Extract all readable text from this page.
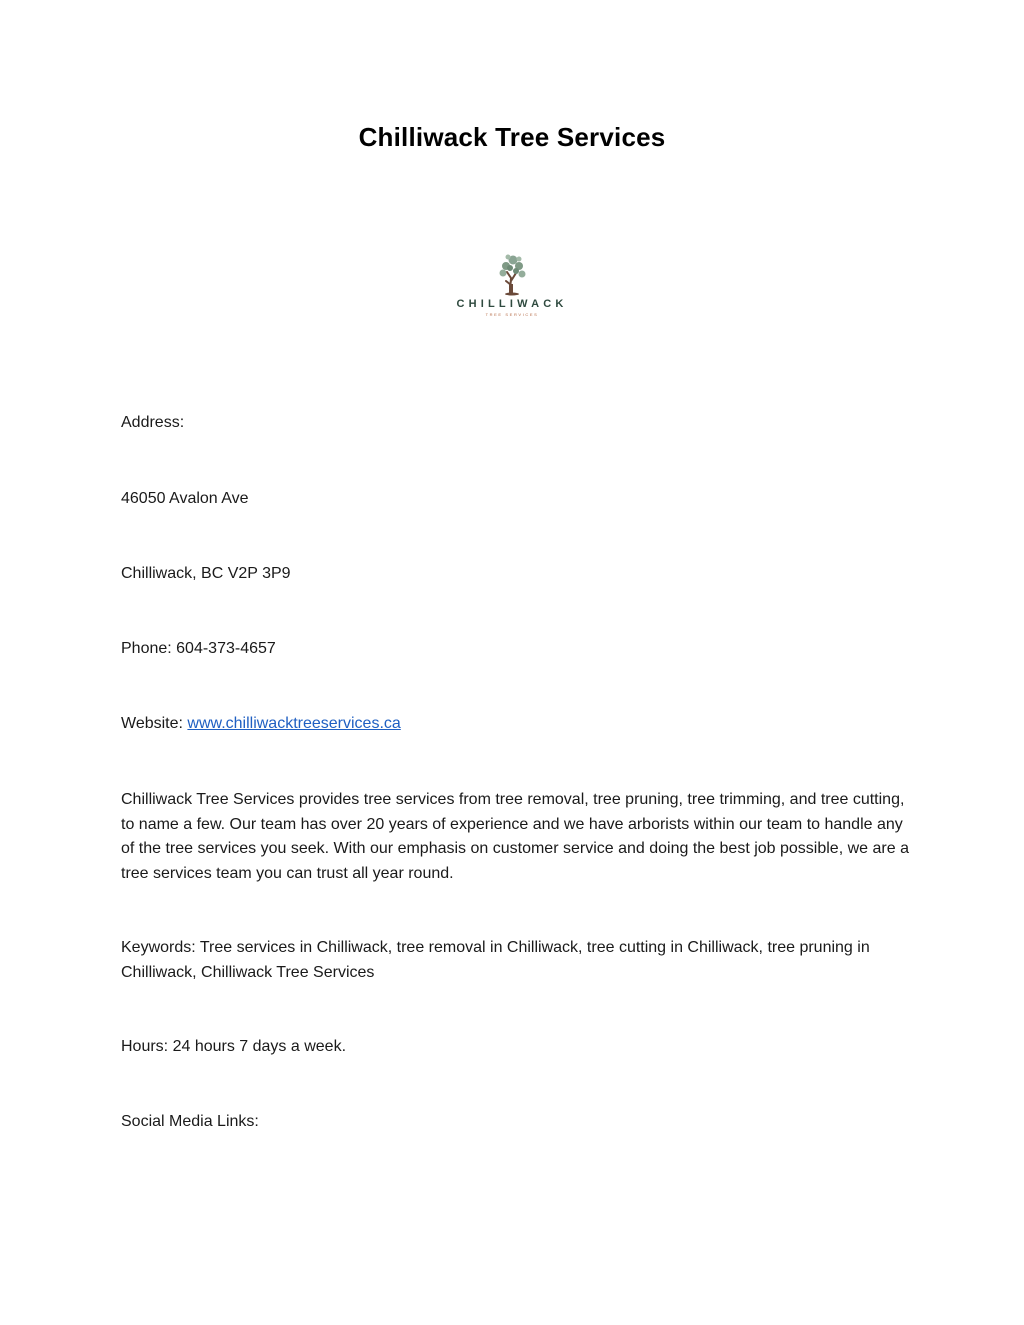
Chilliwack Tree Services
CHILLIWACK
TREE SERVICES
Address:
46050 Avalon Ave
Chilliwack, BC V2P 3P9
Phone: 604-373-4657
Website: www.chilliwacktreeservices.ca
Chilliwack Tree Services provides tree services from tree removal, tree pruning, tree trimming, and tree cutting, to name a few. Our team has over 20 years of experience and we have arborists within our team to handle any of the tree services you seek. With our emphasis on customer service and doing the best job possible, we are a tree services team you can trust all year round.
Keywords: Tree services in Chilliwack, tree removal in Chilliwack, tree cutting in Chilliwack, tree pruning in Chilliwack, Chilliwack Tree Services
Hours: 24 hours 7 days a week.
Social Media Links:
